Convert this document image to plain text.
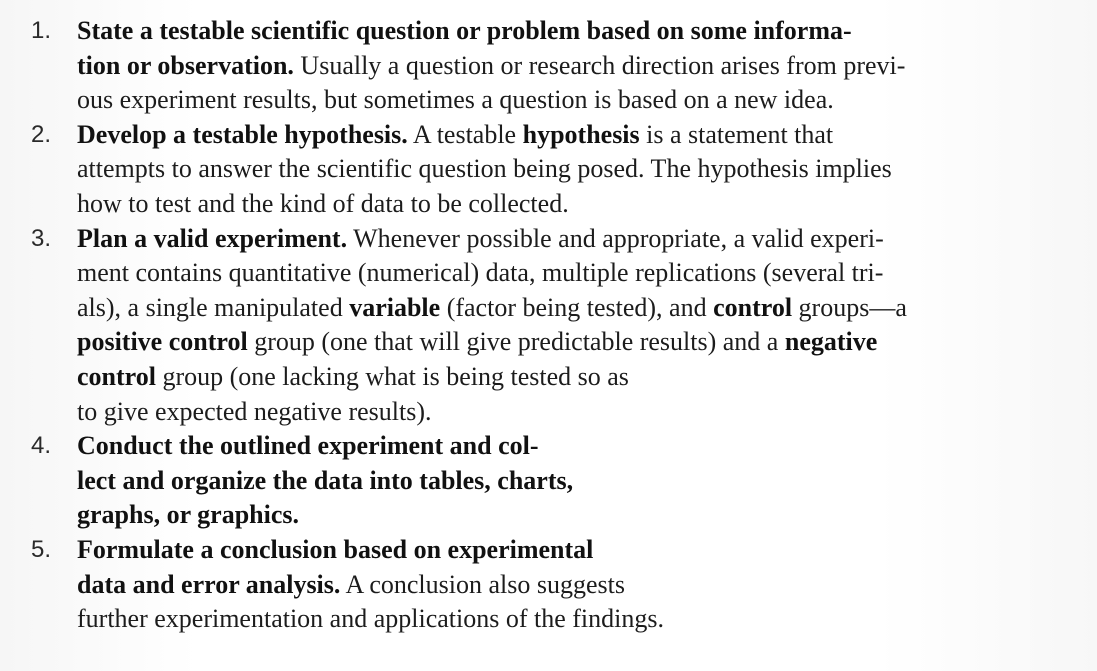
1. State a testable scientific question or problem based on some informa-
tion or observation. Usually a question or research direction arises from previ-
ous experiment results, but sometimes a question is based on a new idea.
2. Develop a testable hypothesis. A testable hypothesis is a statement that
attempts to answer the scientific question being posed. The hypothesis implies
how to test and the kind of data to be collected.
3. Plan a valid experiment. Whenever possible and appropriate, a valid experi-
ment contains quantitative (numerical) data, multiple replications (several tri-
als), a single manipulated variable (factor being tested), and control groups—a
positive control group (one that will give predictable results) and a negative
control group (one lacking what is being tested so as
to give expected negative results).
4. Conduct the outlined experiment and col-
lect and organize the data into tables, charts,
graphs, or graphics.
5. Formulate a conclusion based on experimental
data and error analysis. A conclusion also suggests
further experimentation and applications of the findings.
